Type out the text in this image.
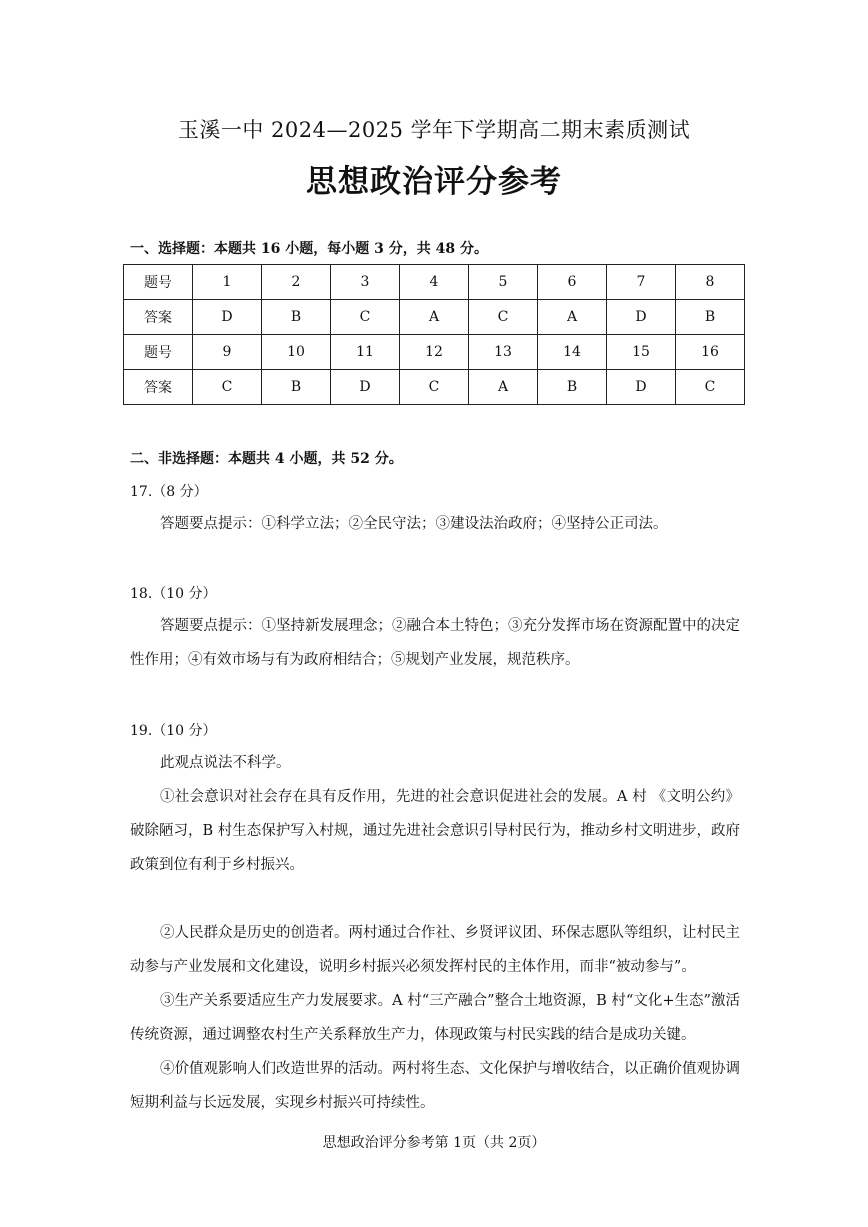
玉溪一中 2024—2025 学年下学期高二期末素质测试
思想政治评分参考
一、选择题：本题共 16 小题，每小题 3 分，共 48 分。
题号	1	2	3	4	5	6	7	8
答案	D	B	C	A	C	A	D	B
题号	9	10	11	12	13	14	15	16
答案	C	B	D	C	A	B	D	C
二、非选择题：本题共 4 小题，共 52 分。
17.（8 分）
答题要点提示：①科学立法；②全民守法；③建设法治政府；④坚持公正司法。
18.（10 分）
答题要点提示：①坚持新发展理念；②融合本土特色；③充分发挥市场在资源配置中的决定性作用；④有效市场与有为政府相结合；⑤规划产业发展，规范秩序。
19.（10 分）
此观点说法不科学。
①社会意识对社会存在具有反作用，先进的社会意识促进社会的发展。A 村 《文明公约》破除陋习，B 村生态保护写入村规，通过先进社会意识引导村民行为，推动乡村文明进步，政府政策到位有利于乡村振兴。
②人民群众是历史的创造者。两村通过合作社、乡贤评议团、环保志愿队等组织，让村民主动参与产业发展和文化建设，说明乡村振兴必须发挥村民的主体作用，而非“被动参与”。
③生产关系要适应生产力发展要求。A 村“三产融合”整合土地资源，B 村“文化+生态”激活传统资源，通过调整农村生产关系释放生产力，体现政策与村民实践的结合是成功关键。
④价值观影响人们改造世界的活动。两村将生态、文化保护与增收结合，以正确价值观协调短期利益与长远发展，实现乡村振兴可持续性。
思想政治评分参考第 1页（共 2页）
